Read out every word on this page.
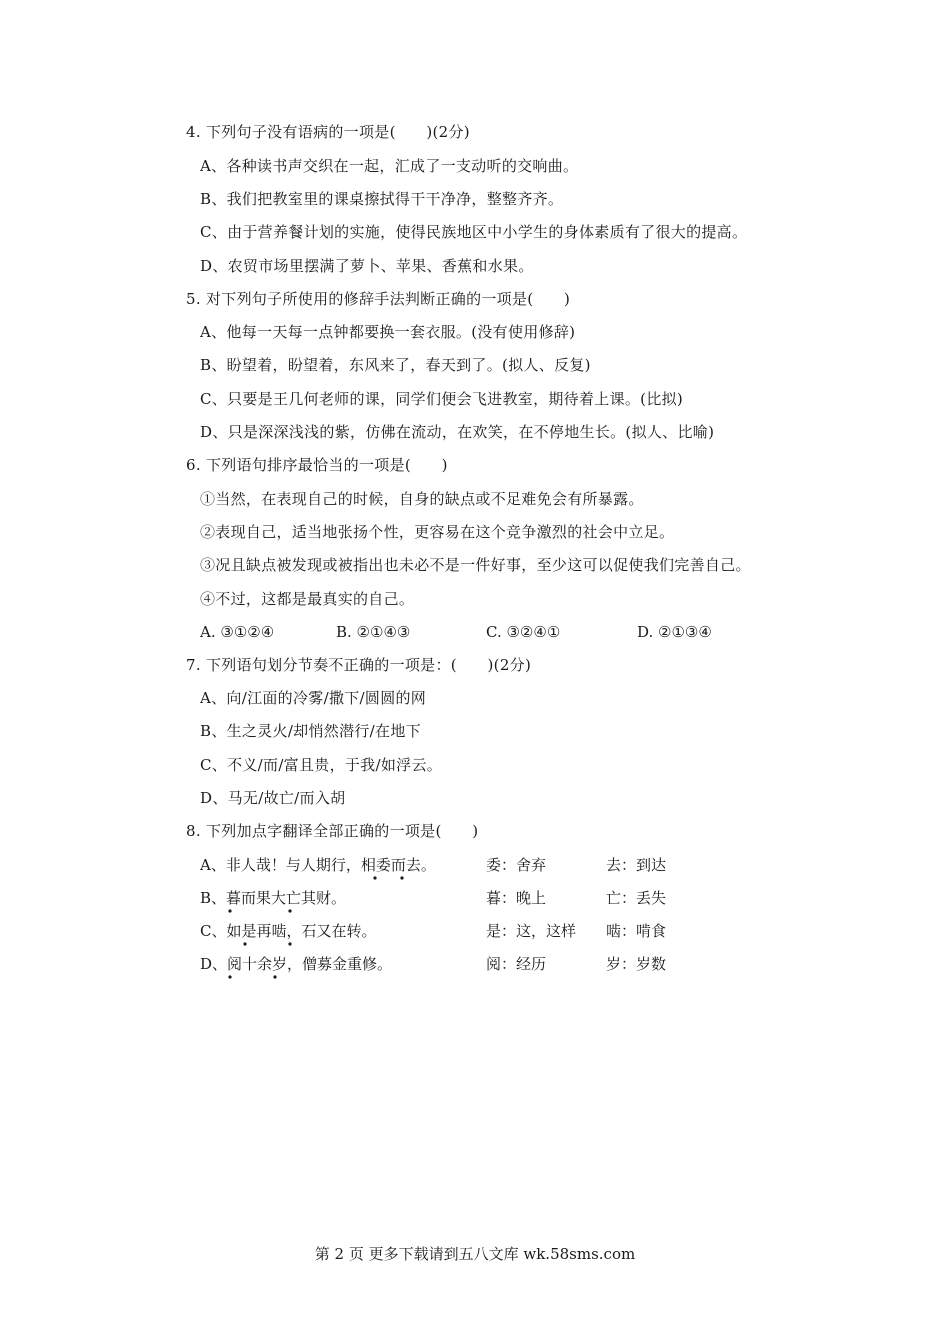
4. 下列句子没有语病的一项是(　　)(2分)
A、各种读书声交织在一起，汇成了一支动听的交响曲。
B、我们把教室里的课桌擦拭得干干净净，整整齐齐。
C、由于营养餐计划的实施，使得民族地区中小学生的身体素质有了很大的提高。
D、农贸市场里摆满了萝卜、苹果、香蕉和水果。
5. 对下列句子所使用的修辞手法判断正确的一项是(　　)
A、他每一天每一点钟都要换一套衣服。(没有使用修辞)
B、盼望着，盼望着，东风来了，春天到了。(拟人、反复)
C、只要是王几何老师的课，同学们便会飞进教室，期待着上课。(比拟)
D、只是深深浅浅的紫，仿佛在流动，在欢笑，在不停地生长。(拟人、比喻)
6. 下列语句排序最恰当的一项是(　　)
①当然，在表现自己的时候，自身的缺点或不足难免会有所暴露。
②表现自己，适当地张扬个性，更容易在这个竞争激烈的社会中立足。
③况且缺点被发现或被指出也未必不是一件好事，至少这可以促使我们完善自己。
④不过，这都是最真实的自己。
A. ③①②④	B. ②①④③	C. ③②④①	D. ②①③④
7. 下列语句划分节奏不正确的一项是：(　　)(2分)
A、向/江面的冷雾/撒下/圆圆的网
B、生之灵火/却悄然潜行/在地下
C、不义/而/富且贵，于我/如浮云。
D、马无/故亡/而入胡
8. 下列加点字翻译全部正确的一项是(　　)
A、非人哉！与人期行，相委而去。	委：舍弃	去：到达
B、暮而果大亡其财。	暮：晚上	亡：丢失
C、如是再啮，石又在转。	是：这，这样 啮：啃食
D、阅十余岁，僧募金重修。	阅：经历	岁：岁数
第 2 页 更多下载请到五八文库 wk.58sms.com
